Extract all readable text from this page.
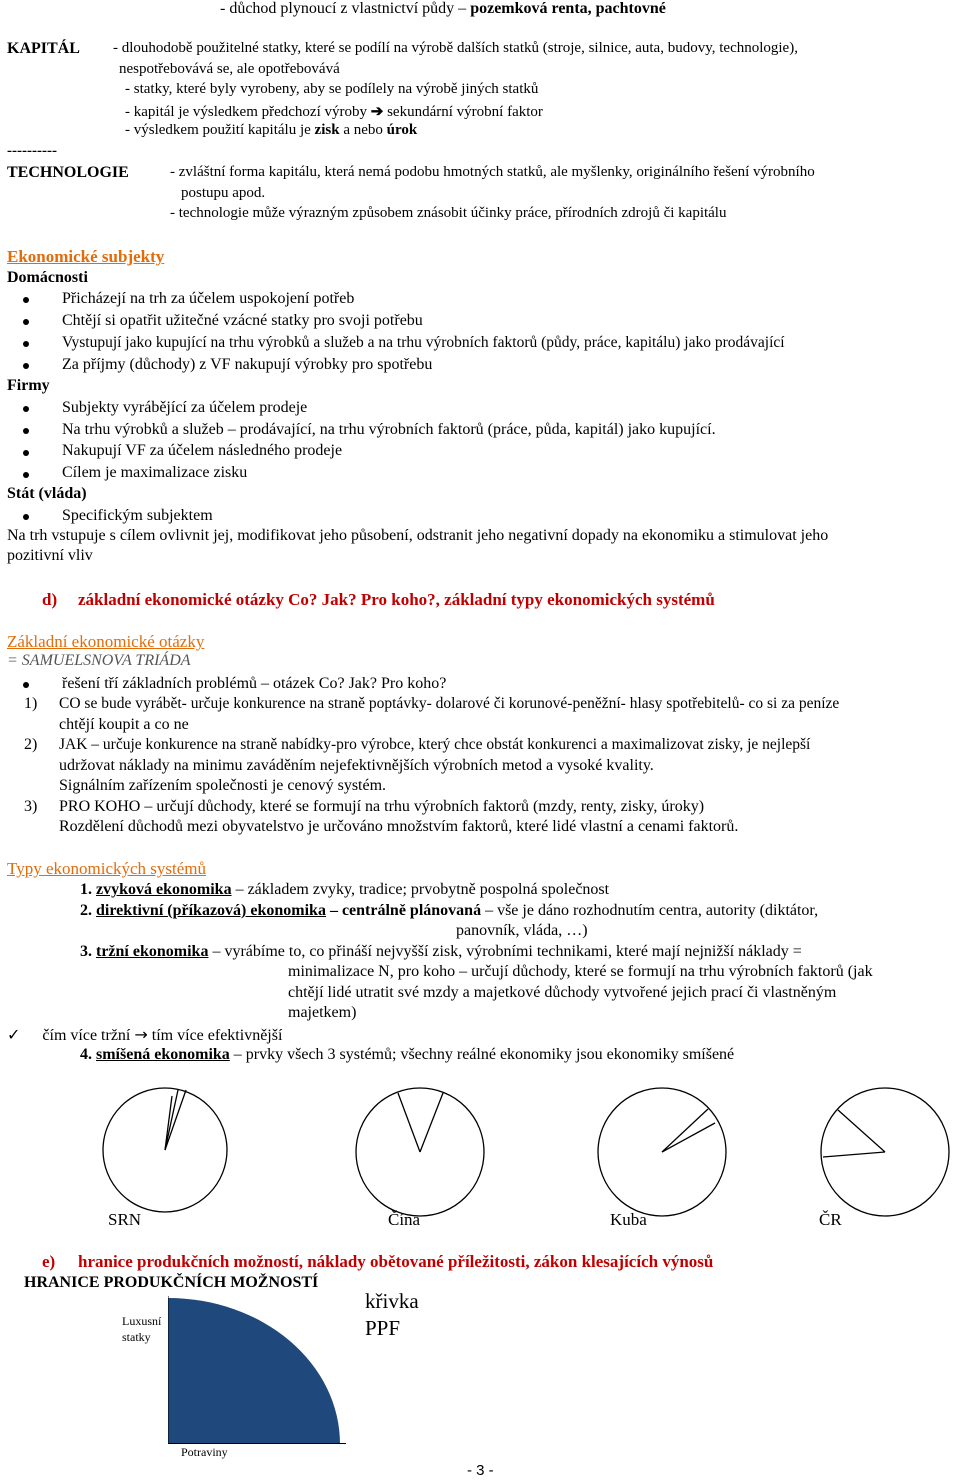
- důchod plynoucí z vlastnictví půdy – pozemková renta, pachtovné
KAPITÁL - dlouhodobě použitelné statky, které se podílí na výrobě dalších statků (stroje, silnice, auta, budovy, technologie),
nespotřebovává se, ale opotřebovává
- statky, které byly vyrobeny, aby se podílely na výrobě jiných statků
- kapitál je výsledkem předchozí výroby ➔ sekundární výrobní faktor
- výsledkem použití kapitálu je zisk a nebo úrok
----------
TECHNOLOGIE	- zvláštní forma kapitálu, která nemá podobu hmotných statků, ale myšlenky, originálního řešení výrobního
postupu apod.
- technologie může výrazným způsobem znásobit účinky práce, přírodních zdrojů či kapitálu
Ekonomické subjekty
Domácnosti
Přicházejí na trh za účelem uspokojení potřeb
Chtějí si opatřit užitečné vzácné statky pro svoji potřebu
Vystupují jako kupující na trhu výrobků a služeb a na trhu výrobních faktorů (půdy, práce, kapitálu) jako prodávající
Za příjmy (důchody) z VF nakupují výrobky pro spotřebu
Firmy
Subjekty vyrábějící za účelem prodeje
Na trhu výrobků a služeb – prodávající, na trhu výrobních faktorů (práce, půda, kapitál) jako kupující.
Nakupují VF za účelem následného prodeje
Cílem je maximalizace zisku
Stát (vláda)
Specifickým subjektem
Na trh vstupuje s cílem ovlivnit jej, modifikovat jeho působení, odstranit jeho negativní dopady na ekonomiku a stimulovat jeho
pozitivní vliv
d) základní ekonomické otázky Co? Jak? Pro koho?, základní typy ekonomických systémů
Základní ekonomické otázky
= SAMUELSNOVA TRIÁDA
řešení tří základních problémů – otázek Co? Jak? Pro koho?
1) CO se bude vyrábět- určuje konkurence na straně poptávky- dolarové či korunové-peněžní- hlasy spotřebitelů- co si za peníze
chtějí koupit a co ne
2) JAK – určuje konkurence na straně nabídky-pro výrobce, který chce obstát konkurenci a maximalizovat zisky, je nejlepší
udržovat náklady na minimu zaváděním nejefektivnějších výrobních metod a vysoké kvality.
Signálním zařízením společnosti je cenový systém.
3) PRO KOHO – určují důchody, které se formují na trhu výrobních faktorů (mzdy, renty, zisky, úroky)
Rozdělení důchodů mezi obyvatelstvo je určováno množstvím faktorů, které lidé vlastní a cenami faktorů.
Typy ekonomických systémů
1. zvyková ekonomika – základem zvyky, tradice; prvobytně pospolná společnost
2. direktivní (příkazová) ekonomika – centrálně plánovaná – vše je dáno rozhodnutím centra, autority (diktátor,
panovník, vláda, …)
3. tržní ekonomika – vyrábíme to, co přináší nejvyšší zisk, výrobními technikami, které mají nejnižší náklady =
minimalizace N, pro koho – určují důchody, které se formují na trhu výrobních faktorů (jak
chtějí lidé utratit své mzdy a majetkové důchody vytvořené jejich prací či vlastněným
majetkem)
✓ čím více tržní → tím více efektivnější
4. smíšená ekonomika – prvky všech 3 systémů; všechny reálné ekonomiky jsou ekonomiky smíšené
SRN	Čína	Kuba	ČR
e) hranice produkčních možností, náklady obětované příležitosti, zákon klesajících výnosů
HRANICE PRODUKČNÍCH MOŽNOSTÍ
Luxusní
statky
Potraviny
křivka
PPF
- 3 -
